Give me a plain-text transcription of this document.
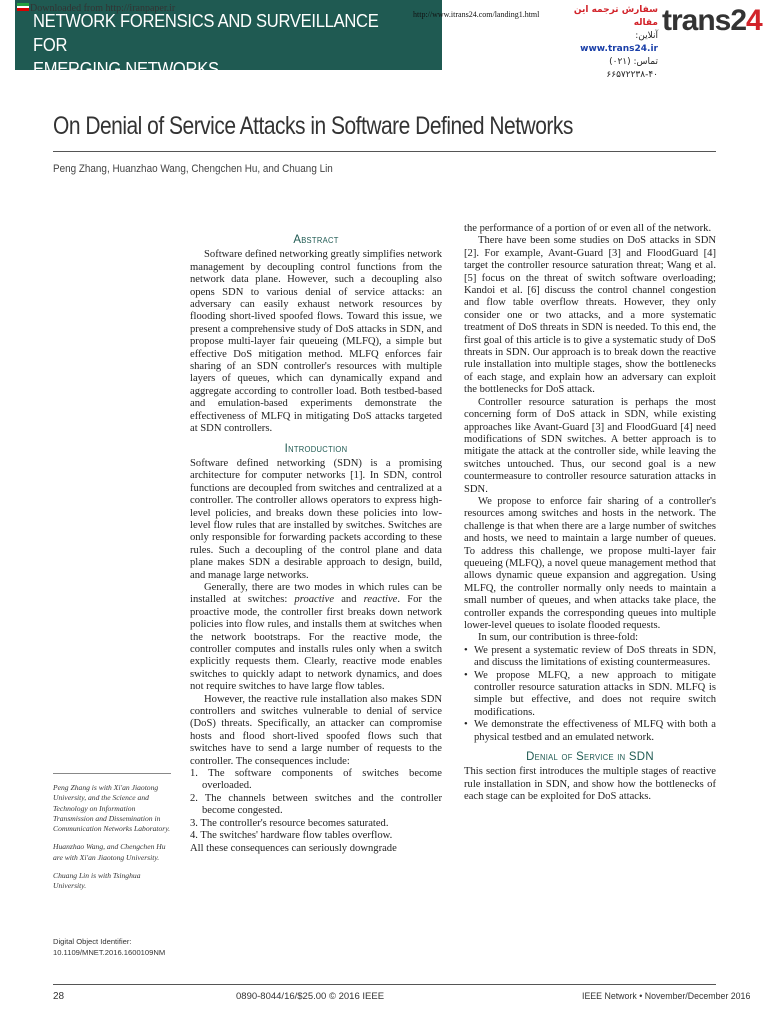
NETWORK FORENSICS AND SURVEILLANCE FOR
EMERGING NETWORKS
Downloaded from http://iranpaper.ir
http://www.itrans24.com/landing1.html	سفارش ترجمه این مقاله
آنلاین: www.trans24.ir
تماس: (۰۲۱) ۴۰-۶۶۵۷۲۲۳۸
trans24
On Denial of Service Attacks in Software Defined Networks
Peng Zhang, Huanzhao Wang, Chengchen Hu, and Chuang Lin
Abstract

Software defined networking greatly simplifies network management by decoupling control functions from the network data plane. However, such a decoupling also opens SDN to various denial of service attacks: an adversary can easily exhaust network resources by flooding short-lived spoofed flows. Toward this issue, we present a comprehensive study of DoS attacks in SDN, and propose multi-layer fair queueing (MLFQ), a simple but effective DoS mitigation method. MLFQ enforces fair sharing of an SDN controller's resources with multiple layers of queues, which can dynamically expand and aggregate according to controller load. Both testbed-based and emulation-based experiments demonstrate the effectiveness of MLFQ in mitigating DoS attacks targeted at SDN controllers.

Introduction

Software defined networking (SDN) is a promising architecture for computer networks [1]. In SDN, control functions are decoupled from switches and centralized at a controller. The controller allows operators to express high-level policies, and breaks down these policies into low-level flow rules that are installed by switches. Switches are only responsible for forwarding packets according to these rules. Such a decoupling of the control plane and data plane makes SDN a desirable approach to design, build, and manage large networks.

Generally, there are two modes in which rules can be installed at switches: proactive and reactive. For the proactive mode, the controller first breaks down network policies into flow rules, and installs them at switches when the network bootstraps. For the reactive mode, the controller computes and installs rules only when a switch explicitly requests them. Clearly, reactive mode enables switches to quickly adapt to network dynamics, and does not require switches to have large flow tables.

However, the reactive rule installation also makes SDN controllers and switches vulnerable to denial of service (DoS) threats. Specifically, an attacker can compromise hosts and flood short-lived spoofed flows such that switches have to send a large number of requests to the controller. The consequences include:

1. The software components of switches become overloaded.
2. The channels between switches and the controller become congested.
3. The controller's resource becomes saturated.
4. The switches' hardware flow tables overflow.

All these consequences can seriously downgrade

the performance of a portion of or even all of the network.

There have been some studies on DoS attacks in SDN [2]. For example, Avant-Guard [3] and FloodGuard [4] target the controller resource saturation threat; Wang et al. [5] focus on the threat of switch software overloading; Kandoi et al. [6] discuss the control channel congestion and flow table overflow threats. However, they only consider one or two attacks, and a more systematic treatment of DoS threats in SDN is needed. To this end, the first goal of this article is to give a systematic study of DoS threats in SDN. Our approach is to break down the reactive rule installation into multiple stages, show the bottlenecks of each stage, and explain how an adversary can exploit the bottlenecks for DoS attack.

Controller resource saturation is perhaps the most concerning form of DoS attack in SDN, while existing approaches like Avant-Guard [3] and FloodGuard [4] need modifications of SDN switches. A better approach is to mitigate the attack at the controller side, while leaving the switches untouched. Thus, our second goal is a new countermeasure to controller resource saturation attacks in SDN.

We propose to enforce fair sharing of a controller's resources among switches and hosts in the network. The challenge is that when there are a large number of switches and hosts, we need to maintain a large number of queues. To address this challenge, we propose multi-layer fair queueing (MLFQ), a novel queue management method that allows dynamic queue expansion and aggregation. Using MLFQ, the controller normally only needs to maintain a small number of queues, and when attacks take place, the controller expands the corresponding queues into multiple lower-level queues to isolate flooded requests.

In sum, our contribution is three-fold:

• We present a systematic review of DoS threats in SDN, and discuss the limitations of existing countermeasures.
• We propose MLFQ, a new approach to mitigate controller resource saturation attacks in SDN. MLFQ is simple but effective, and does not require switch modifications.
• We demonstrate the effectiveness of MLFQ with both a physical testbed and an emulated network.
Denial of Service in SDN

This section first introduces the multiple stages of reactive rule installation in SDN, and show how the bottlenecks of each stage can be exploited for DoS attacks.

Peng Zhang is with Xi'an Jiaotong University, and the Science and Technology on Information Transmission and Dissemination in Communication Networks Laboratory.

Huanzhao Wang, and Chengchen Hu are with Xi'an Jiaotong University.

Chuang Lin is with Tsinghua University.

Digital Object Identifier:
10.1109/MNET.2016.1600109NM
28	0890-8044/16/$25.00 © 2016 IEEE	IEEE Network • November/December 2016
